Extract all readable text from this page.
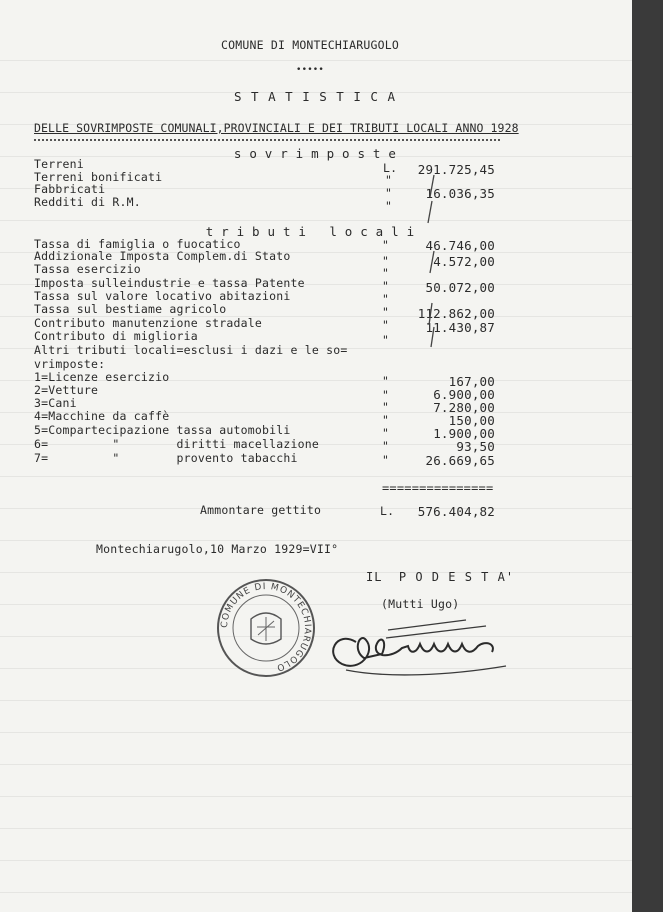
COMUNE DI MONTECHIARUGOLO
•••••
S T A T I S T I C A
DELLE SOVRIMPOSTE COMUNALI,PROVINCIALI E DEI TRIBUTI LOCALI ANNO 1928
s o v r i m p o s t e
Terreni	L.	291.725,45
Terreni bonificati	"
Fabbricati	"	16.036,35
Redditi di R.M.	"
t r i b u t i   l o c a l i
Tassa di famiglia o fuocatico	"	46.746,00
Addizionale Imposta Complem.di Stato	"	4.572,00
Tassa esercizio	"
Imposta sulleindustrie e tassa Patente	"	50.072,00
Tassa sul valore locativo abitazioni	"
Tassa sul bestiame agricolo	"	112.862,00
Contributo manutenzione stradale	"	11.430,87
Contributo di miglioria	"
Altri tributi locali=esclusi i dazi e le so=
vrimposte:
1=Licenze esercizio	"	167,00
2=Vetture	"	6.900,00
3=Cani	"	7.280,00
4=Macchine da caffè	"	150,00
5=Compartecipazione tassa automobili	"	1.900,00
6=         "        diritti macellazione	"	93,50
7=         "        provento tabacchi	"	26.669,65
===============
Ammontare gettito	L.	576.404,82
Montechiarugolo,10 Marzo 1929=VII°
IL  P O D E S T A'
(Mutti Ugo)
COMUNE DI MONTECHIARUGOLO
